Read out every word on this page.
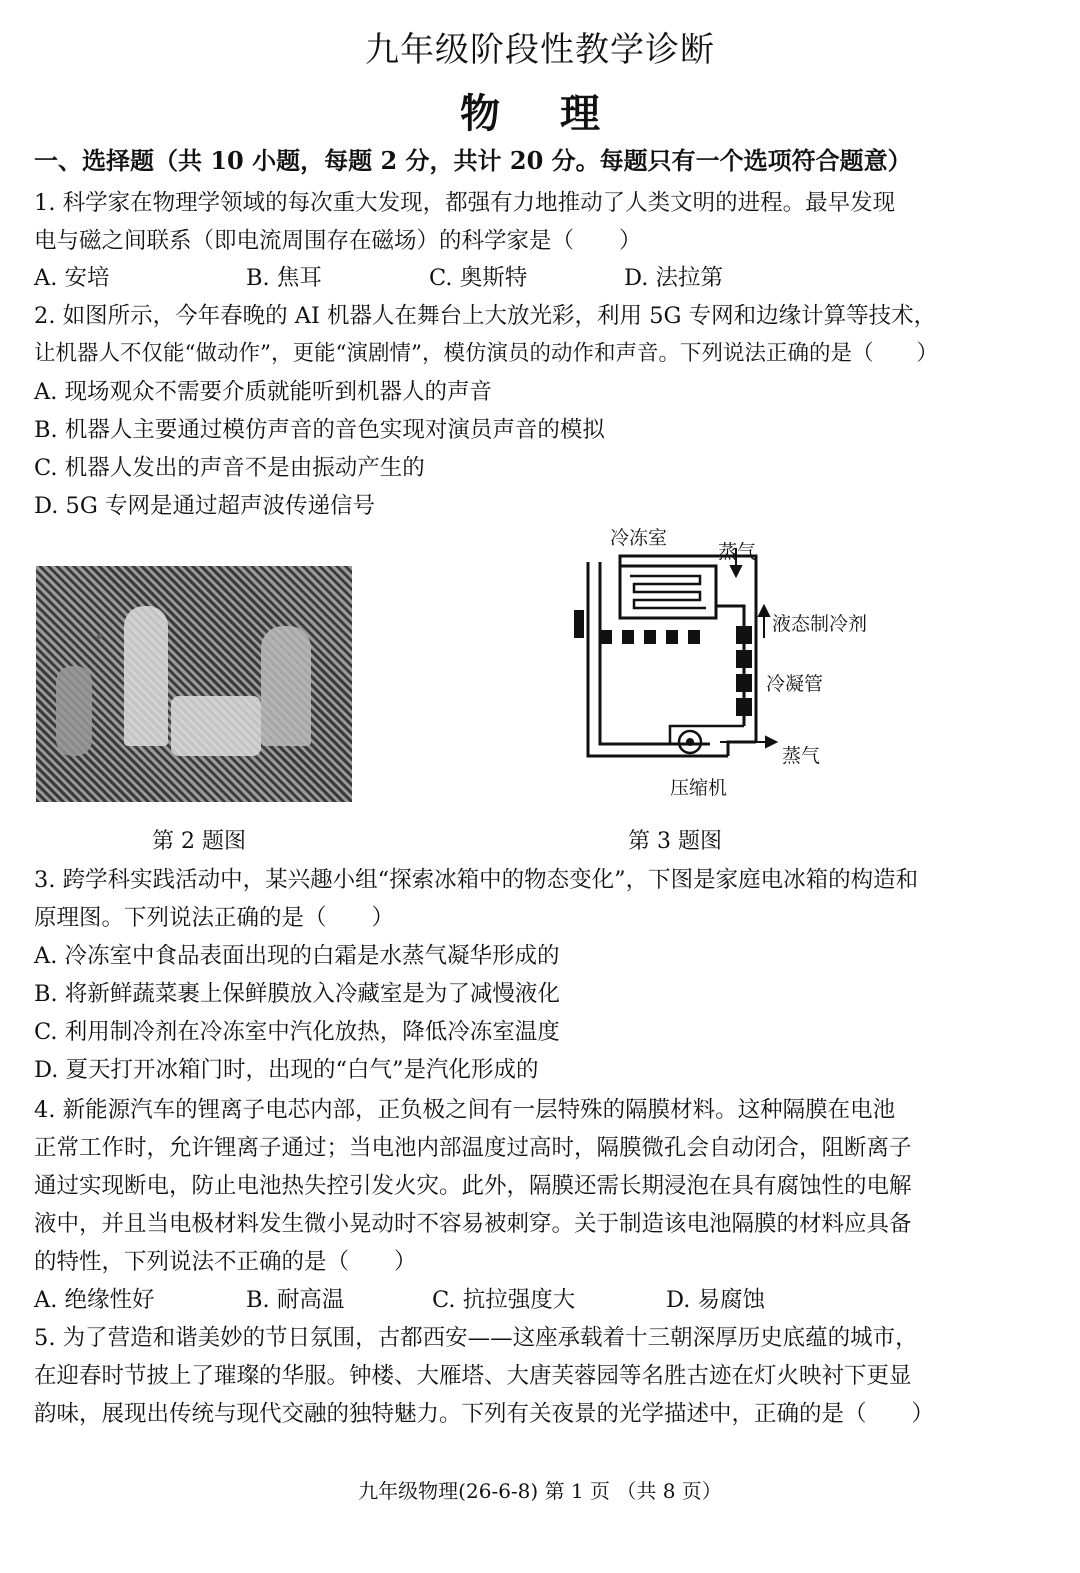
九年级阶段性教学诊断
物理
一、选择题（共 10 小题，每题 2 分，共计 20 分。每题只有一个选项符合题意）
1. 科学家在物理学领域的每次重大发现，都强有力地推动了人类文明的进程。最早发现
电与磁之间联系（即电流周围存在磁场）的科学家是（　　）
A. 安培	B. 焦耳	C. 奥斯特	D. 法拉第
2. 如图所示，今年春晚的 AI 机器人在舞台上大放光彩，利用 5G 专网和边缘计算等技术，
让机器人不仅能“做动作”，更能“演剧情”，模仿演员的动作和声音。下列说法正确的是（　　）
A. 现场观众不需要介质就能听到机器人的声音
B. 机器人主要通过模仿声音的音色实现对演员声音的模拟
C. 机器人发出的声音不是由振动产生的
D. 5G 专网是通过超声波传递信号
冷冻室
蒸气
液态制冷剂
冷凝管
蒸气
压缩机
第 2 题图	第 3 题图
3. 跨学科实践活动中，某兴趣小组“探索冰箱中的物态变化”，下图是家庭电冰箱的构造和
原理图。下列说法正确的是（　　）
A. 冷冻室中食品表面出现的白霜是水蒸气凝华形成的
B. 将新鲜蔬菜裹上保鲜膜放入冷藏室是为了减慢液化
C. 利用制冷剂在冷冻室中汽化放热，降低冷冻室温度
D. 夏天打开冰箱门时，出现的“白气”是汽化形成的
4. 新能源汽车的锂离子电芯内部，正负极之间有一层特殊的隔膜材料。这种隔膜在电池
正常工作时，允许锂离子通过；当电池内部温度过高时，隔膜微孔会自动闭合，阻断离子
通过实现断电，防止电池热失控引发火灾。此外，隔膜还需长期浸泡在具有腐蚀性的电解
液中，并且当电极材料发生微小晃动时不容易被刺穿。关于制造该电池隔膜的材料应具备
的特性，下列说法不正确的是（　　）
A. 绝缘性好	B. 耐高温	C. 抗拉强度大	D. 易腐蚀
5. 为了营造和谐美妙的节日氛围，古都西安——这座承载着十三朝深厚历史底蕴的城市，
在迎春时节披上了璀璨的华服。钟楼、大雁塔、大唐芙蓉园等名胜古迹在灯火映衬下更显
韵味，展现出传统与现代交融的独特魅力。下列有关夜景的光学描述中，正确的是（　　）
九年级物理(26-6-8) 第 1 页 （共 8 页）
